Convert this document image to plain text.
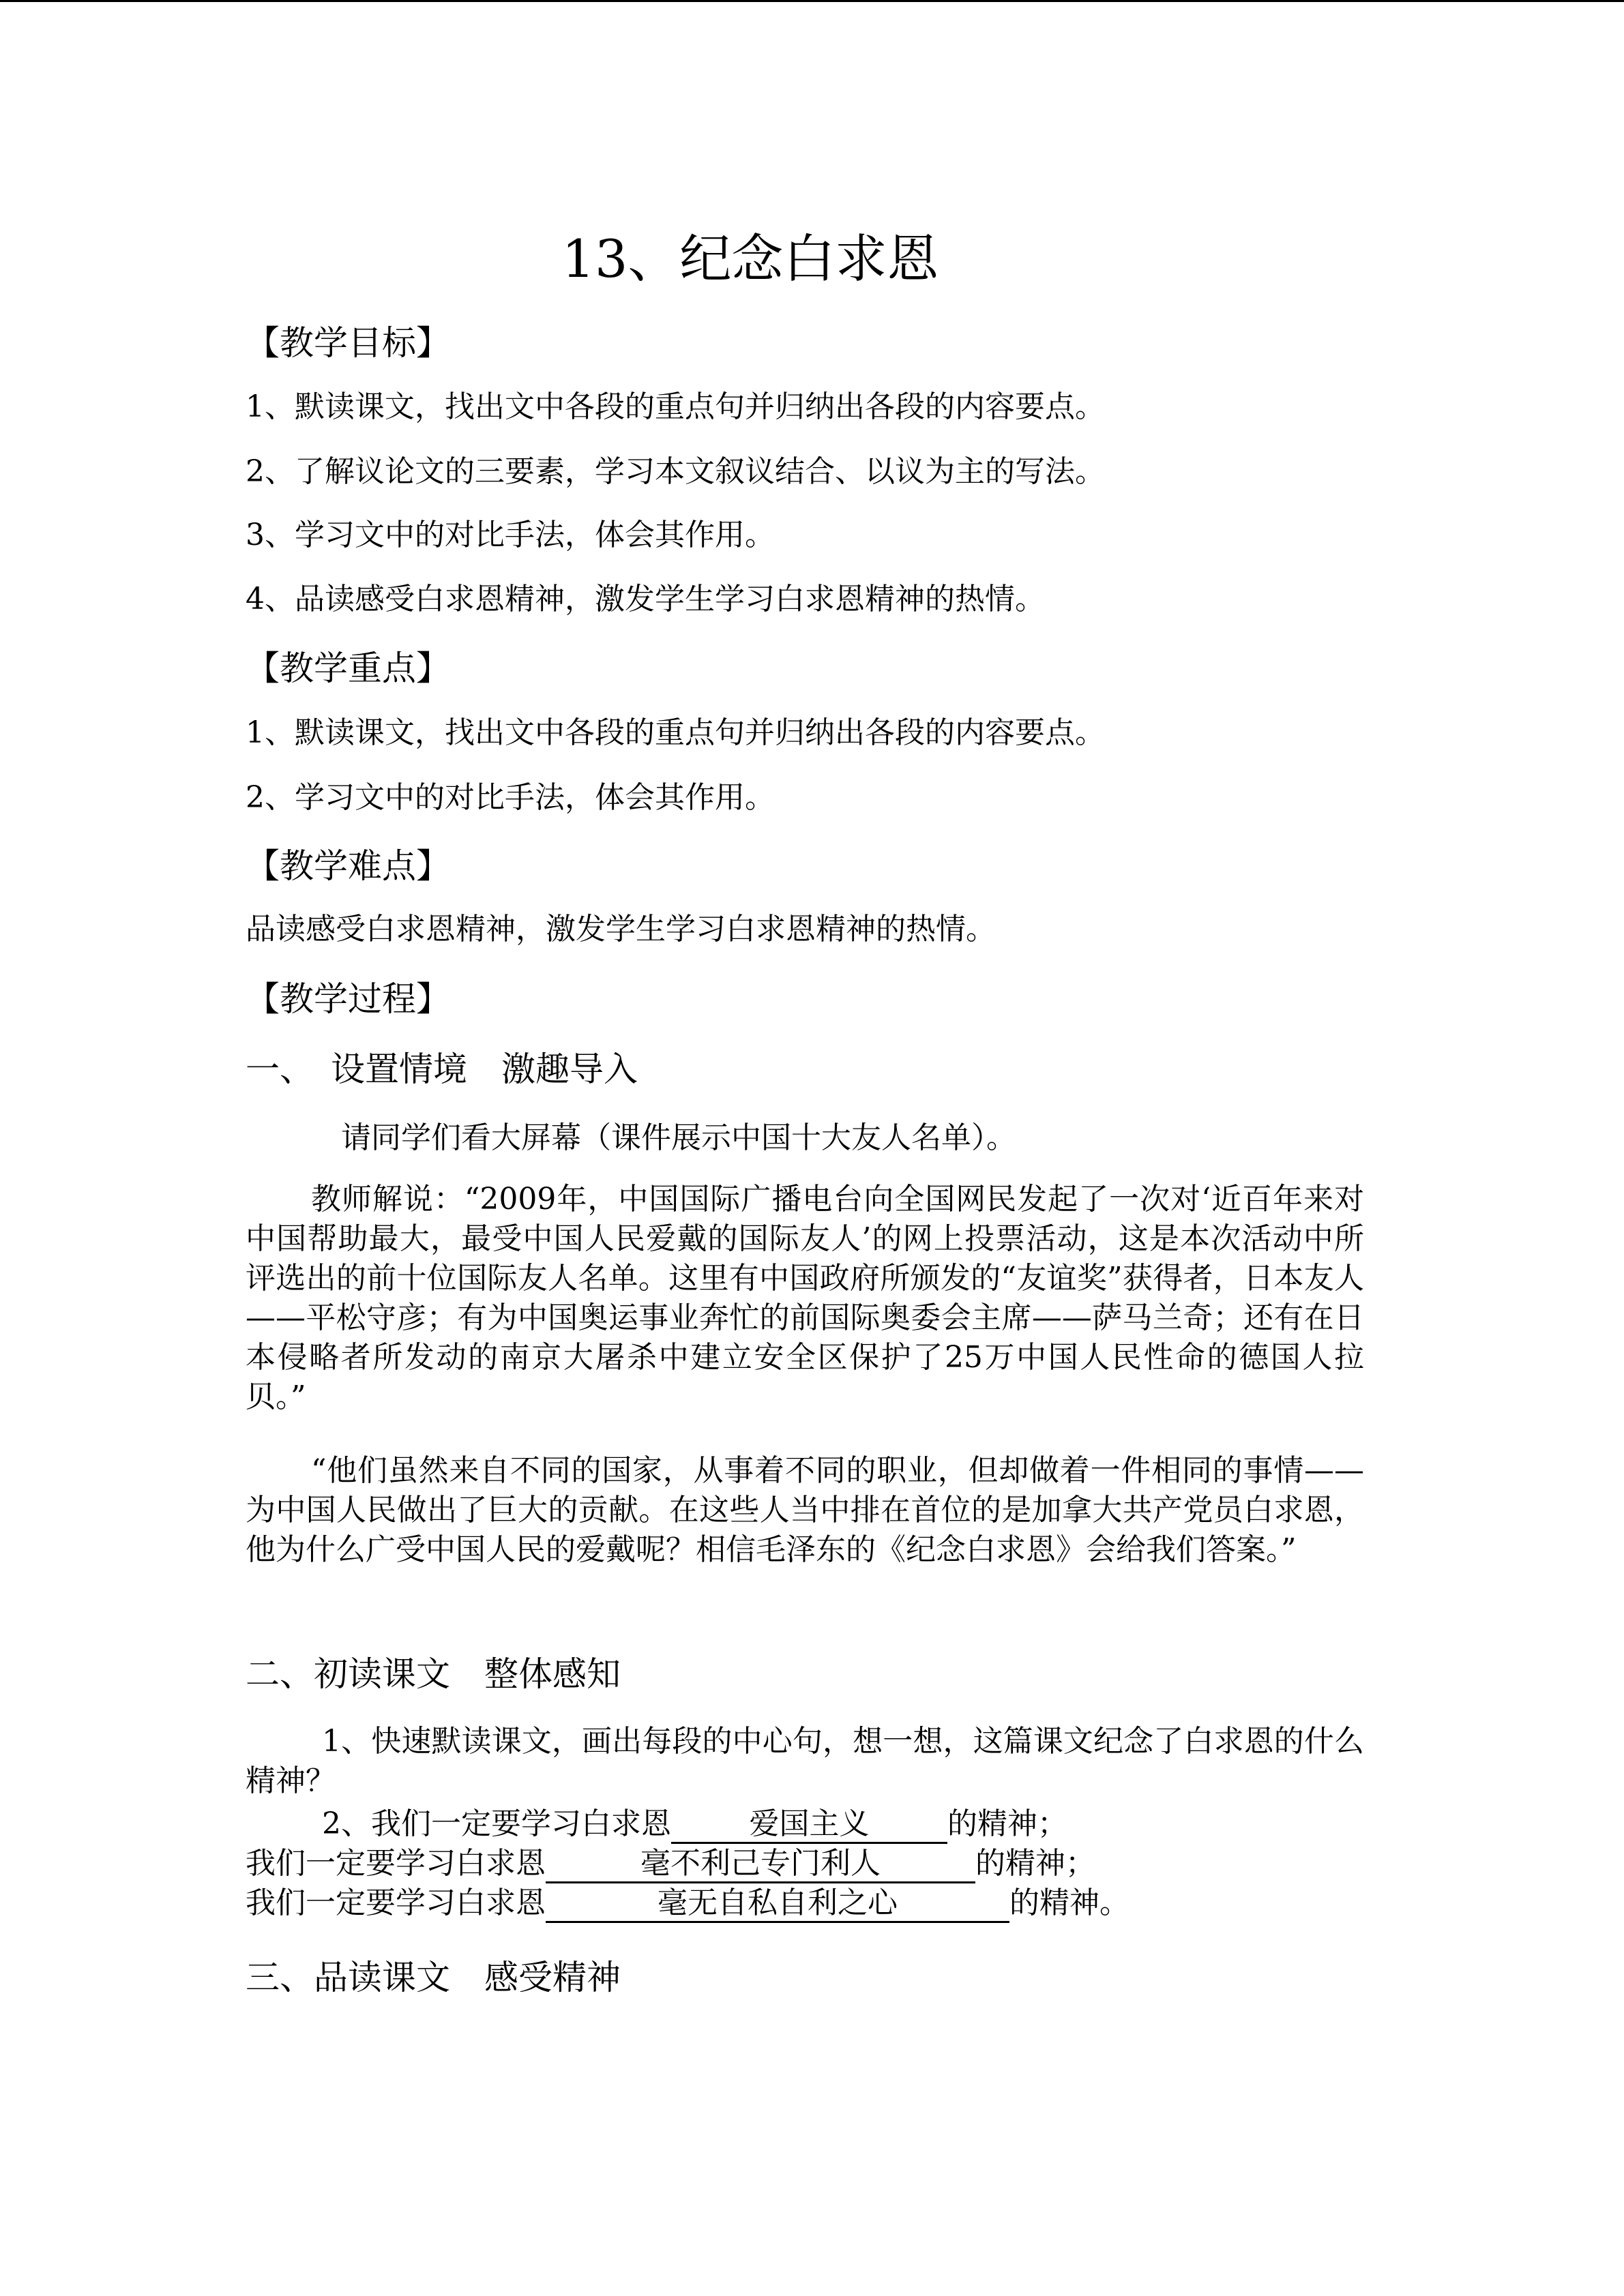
13、纪念白求恩
【教学目标】
1、默读课文，找出文中各段的重点句并归纳出各段的内容要点。
2、了解议论文的三要素，学习本文叙议结合、以议为主的写法。
3、学习文中的对比手法，体会其作用。
4、品读感受白求恩精神，激发学生学习白求恩精神的热情。
【教学重点】
1、默读课文，找出文中各段的重点句并归纳出各段的内容要点。
2、学习文中的对比手法，体会其作用。
【教学难点】
品读感受白求恩精神，激发学生学习白求恩精神的热情。
【教学过程】
一、　设置情境　激趣导入
请同学们看大屏幕（课件展示中国十大友人名单）。
教师解说：“2009年，中国国际广播电台向全国网民发起了一次对‘近百年来对中国帮助最大，最受中国人民爱戴的国际友人’的网上投票活动，这是本次活动中所评选出的前十位国际友人名单。这里有中国政府所颁发的“友谊奖”获得者，日本友人——平松守彦；有为中国奥运事业奔忙的前国际奥委会主席——萨马兰奇；还有在日本侵略者所发动的南京大屠杀中建立安全区保护了25万中国人民性命的德国人拉贝。”
“他们虽然来自不同的国家，从事着不同的职业，但却做着一件相同的事情——为中国人民做出了巨大的贡献。在这些人当中排在首位的是加拿大共产党员白求恩，他为什么广受中国人民的爱戴呢？相信毛泽东的《纪念白求恩》会给我们答案。”
二、初读课文　整体感知
1、快速默读课文，画出每段的中心句，想一想，这篇课文纪念了白求恩的什么精神？
2、我们一定要学习白求恩	爱国主义	的精神；
我们一定要学习白求恩	毫不利己专门利人	的精神；
我们一定要学习白求恩	毫无自私自利之心	的精神。
三、品读课文　感受精神
